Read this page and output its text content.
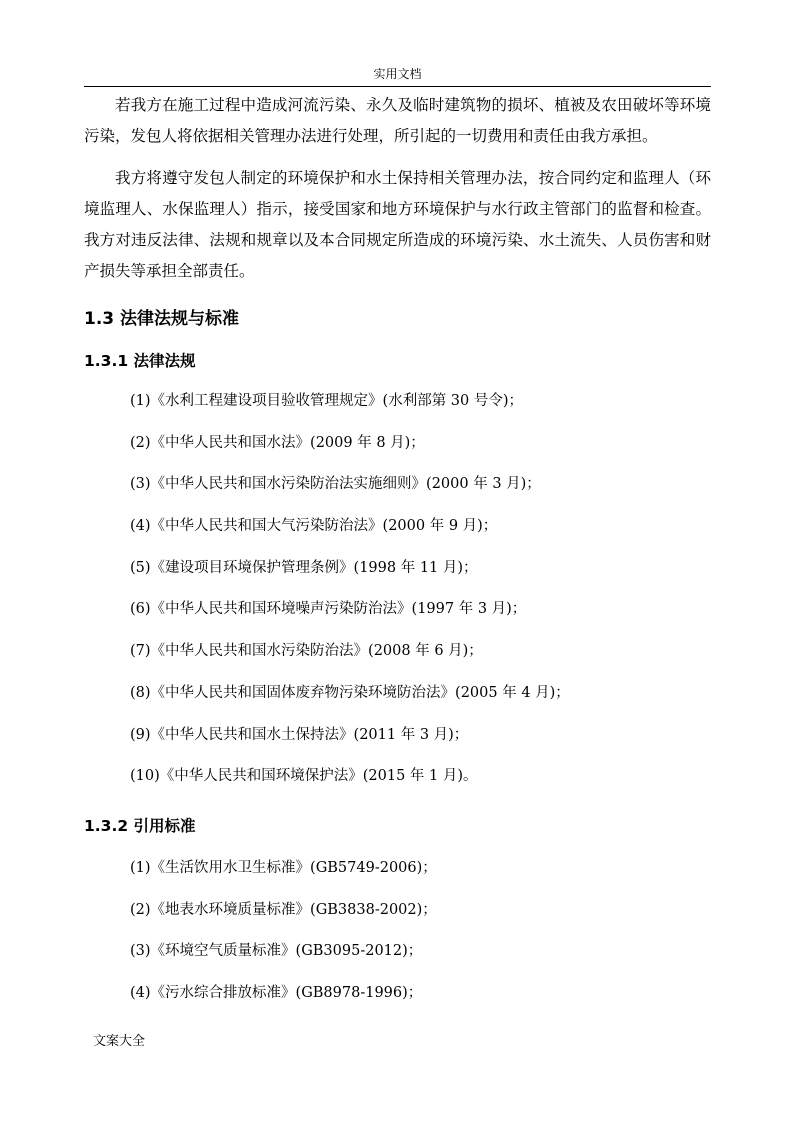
实用文档

若我方在施工过程中造成河流污染、永久及临时建筑物的损坏、植被及农田破坏等环境污染，发包人将依据相关管理办法进行处理，所引起的一切费用和责任由我方承担。

我方将遵守发包人制定的环境保护和水土保持相关管理办法，按合同约定和监理人（环境监理人、水保监理人）指示，接受国家和地方环境保护与水行政主管部门的监督和检查。我方对违反法律、法规和规章以及本合同规定所造成的环境污染、水土流失、人员伤害和财产损失等承担全部责任。

1.3 法律法规与标准
1.3.1 法律法规
(1)《水利工程建设项目验收管理规定》(水利部第 30 号令)；
(2)《中华人民共和国水法》(2009 年 8 月)；
(3)《中华人民共和国水污染防治法实施细则》(2000 年 3 月)；
(4)《中华人民共和国大气污染防治法》(2000 年 9 月)；
(5)《建设项目环境保护管理条例》(1998 年 11 月)；
(6)《中华人民共和国环境噪声污染防治法》(1997 年 3 月)；
(7)《中华人民共和国水污染防治法》(2008 年 6 月)；
(8)《中华人民共和国固体废弃物污染环境防治法》(2005 年 4 月)；
(9)《中华人民共和国水土保持法》(2011 年 3 月)；
(10)《中华人民共和国环境保护法》(2015 年 1 月)。
1.3.2 引用标准
(1)《生活饮用水卫生标准》(GB5749-2006)；
(2)《地表水环境质量标准》(GB3838-2002)；
(3)《环境空气质量标准》(GB3095-2012)；
(4)《污水综合排放标准》(GB8978-1996)；
文案大全
